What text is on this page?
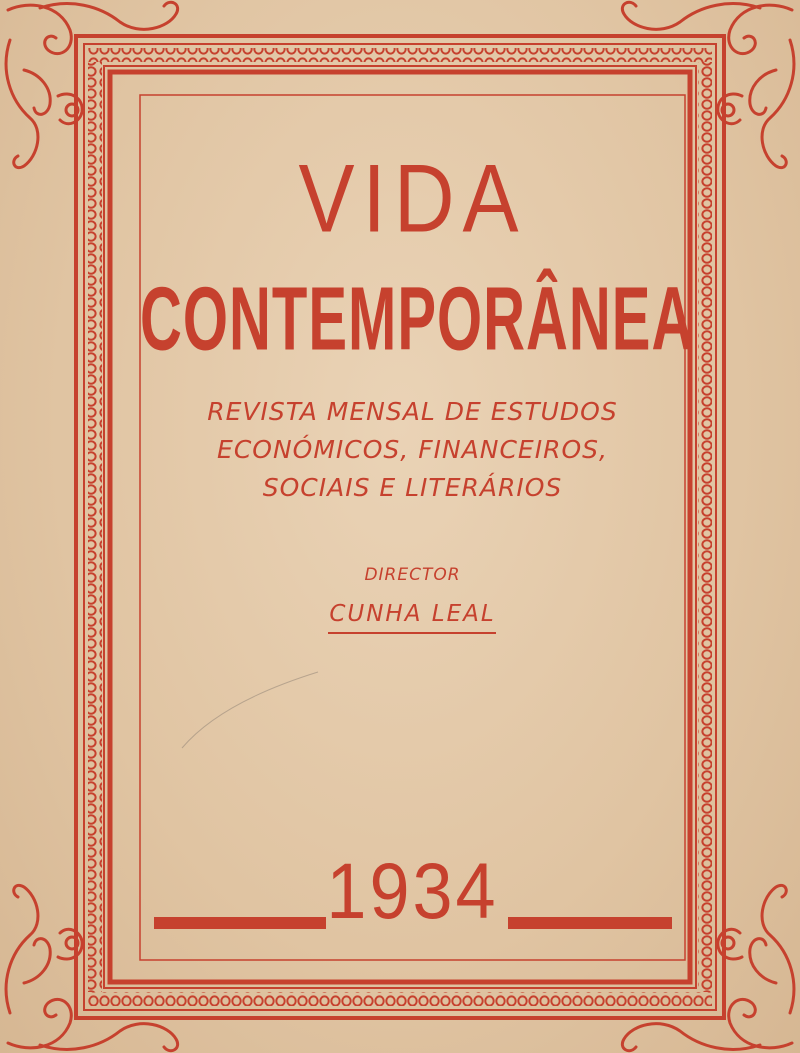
VIDA
CONTEMPORÂNEA
REVISTA MENSAL DE ESTUDOS
ECONÓMICOS, FINANCEIROS,
SOCIAIS E LITERÁRIOS
DIRECTOR
CUNHA LEAL
1934
